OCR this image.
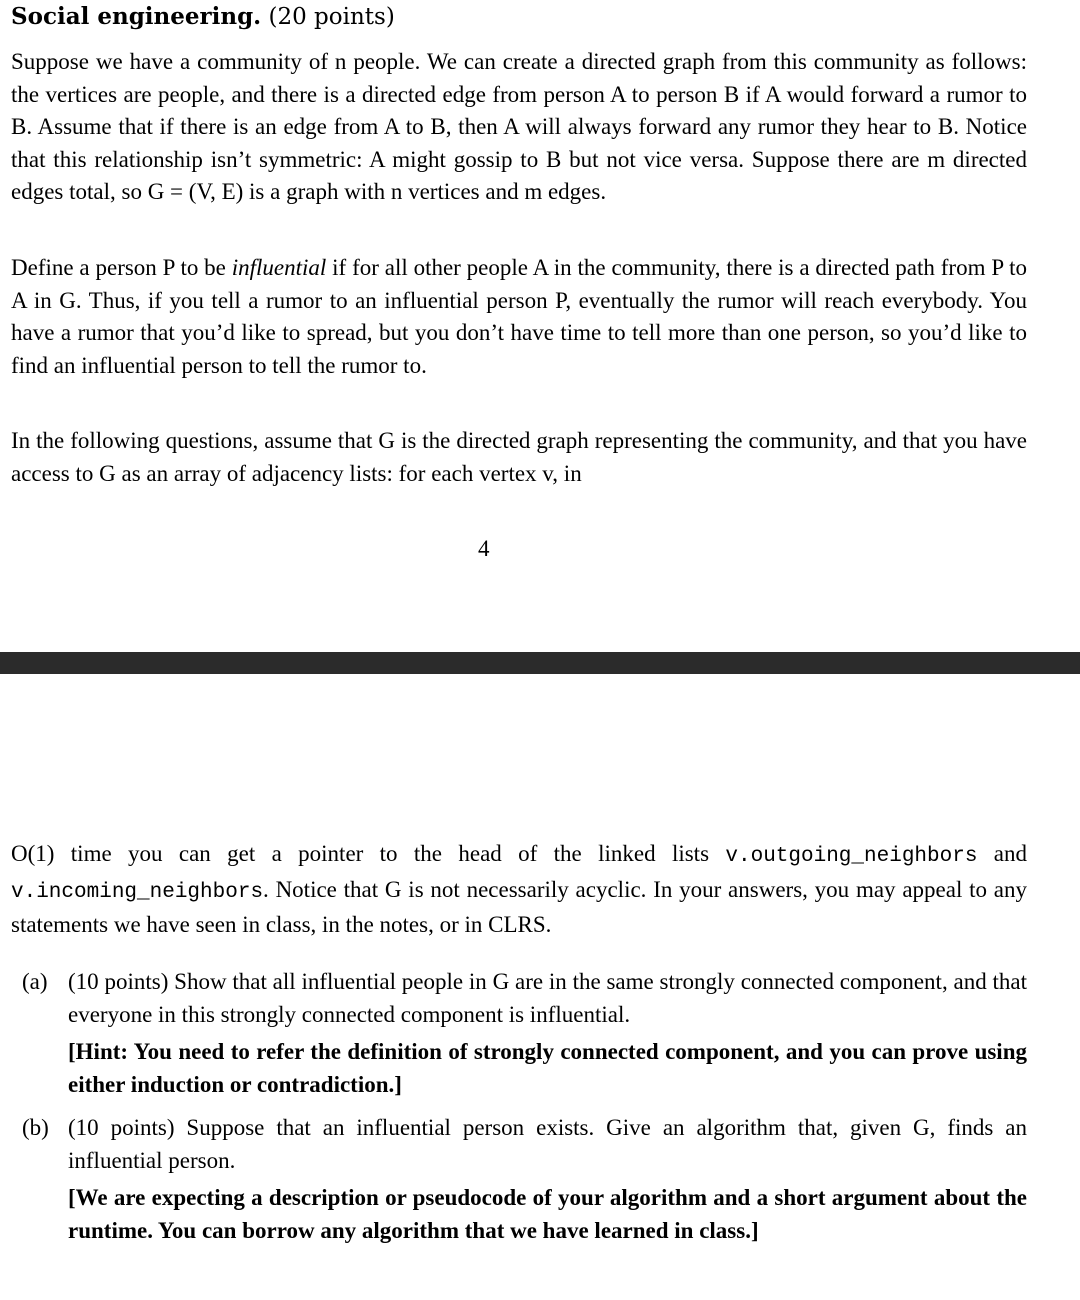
Social engineering. (20 points)

Suppose we have a community of n people. We can create a directed graph from this community as follows: the vertices are people, and there is a directed edge from person A to person B if A would forward a rumor to B. Assume that if there is an edge from A to B, then A will always forward any rumor they hear to B. Notice that this relationship isn’t symmetric: A might gossip to B but not vice versa. Suppose there are m directed edges total, so G = (V, E) is a graph with n vertices and m edges.

Define a person P to be influential if for all other people A in the community, there is a directed path from P to A in G. Thus, if you tell a rumor to an influential person P, eventually the rumor will reach everybody. You have a rumor that you’d like to spread, but you don’t have time to tell more than one person, so you’d like to find an influential person to tell the rumor to.

In the following questions, assume that G is the directed graph representing the community, and that you have access to G as an array of adjacency lists: for each vertex v, in

4

O(1) time you can get a pointer to the head of the linked lists v.outgoing_neighbors and v.incoming_neighbors. Notice that G is not necessarily acyclic. In your answers, you may appeal to any statements we have seen in class, in the notes, or in CLRS.

(a) (10 points) Show that all influential people in G are in the same strongly connected component, and that everyone in this strongly connected component is influential.
[Hint: You need to refer the definition of strongly connected component, and you can prove using either induction or contradiction.]
(b) (10 points) Suppose that an influential person exists. Give an algorithm that, given G, finds an influential person.
[We are expecting a description or pseudocode of your algorithm and a short argument about the runtime. You can borrow any algorithm that we have learned in class.]
